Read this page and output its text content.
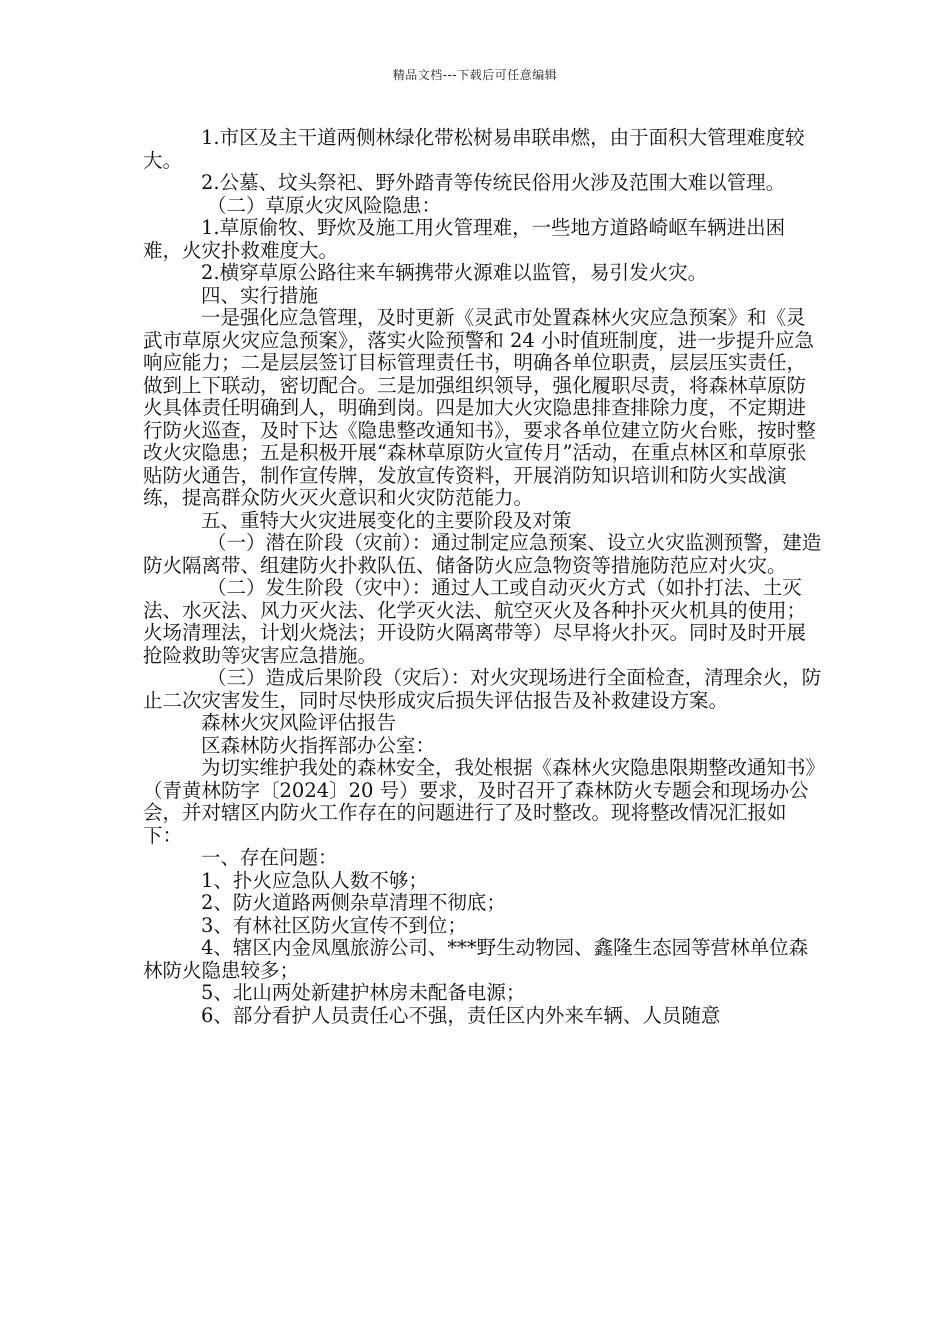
精品文档---下载后可任意编辑

1.市区及主干道两侧林绿化带松树易串联串燃，由于面积大管理难度较大。

2.公墓、坟头祭祀、野外踏青等传统民俗用火涉及范围大难以管理。

（二）草原火灾风险隐患：

1.草原偷牧、野炊及施工用火管理难，一些地方道路崎岖车辆进出困难，火灾扑救难度大。

2.横穿草原公路往来车辆携带火源难以监管，易引发火灾。

四、实行措施

一是强化应急管理，及时更新《灵武市处置森林火灾应急预案》和《灵武市草原火灾应急预案》，落实火险预警和 24 小时值班制度，进一步提升应急响应能力；二是层层签订目标管理责任书，明确各单位职责，层层压实责任，做到上下联动，密切配合。三是加强组织领导，强化履职尽责，将森林草原防火具体责任明确到人，明确到岗。四是加大火灾隐患排查排除力度，不定期进行防火巡查，及时下达《隐患整改通知书》，要求各单位建立防火台账，按时整改火灾隐患；五是积极开展“森林草原防火宣传月”活动，在重点林区和草原张贴防火通告，制作宣传牌，发放宣传资料，开展消防知识培训和防火实战演练，提高群众防火灭火意识和火灾防范能力。

五、重特大火灾进展变化的主要阶段及对策

（一）潜在阶段（灾前）：通过制定应急预案、设立火灾监测预警，建造防火隔离带、组建防火扑救队伍、储备防火应急物资等措施防范应对火灾。

（二）发生阶段（灾中）：通过人工或自动灭火方式（如扑打法、土灭法、水灭法、风力灭火法、化学灭火法、航空灭火及各种扑灭火机具的使用；火场清理法，计划火烧法；开设防火隔离带等）尽早将火扑灭。同时及时开展抢险救助等灾害应急措施。

（三）造成后果阶段（灾后）：对火灾现场进行全面检查，清理余火，防止二次灾害发生，同时尽快形成灾后损失评估报告及补救建设方案。

森林火灾风险评估报告

区森林防火指挥部办公室：

为切实维护我处的森林安全，我处根据《森林火灾隐患限期整改通知书》（青黄林防字〔2024〕20 号）要求，及时召开了森林防火专题会和现场办公会，并对辖区内防火工作存在的问题进行了及时整改。现将整改情况汇报如下：

一、存在问题：

1、扑火应急队人数不够；

2、防火道路两侧杂草清理不彻底；

3、有林社区防火宣传不到位；

4、辖区内金凤凰旅游公司、***野生动物园、鑫隆生态园等营林单位森林防火隐患较多；

5、北山两处新建护林房未配备电源；

6、部分看护人员责任心不强，责任区内外来车辆、人员随意
